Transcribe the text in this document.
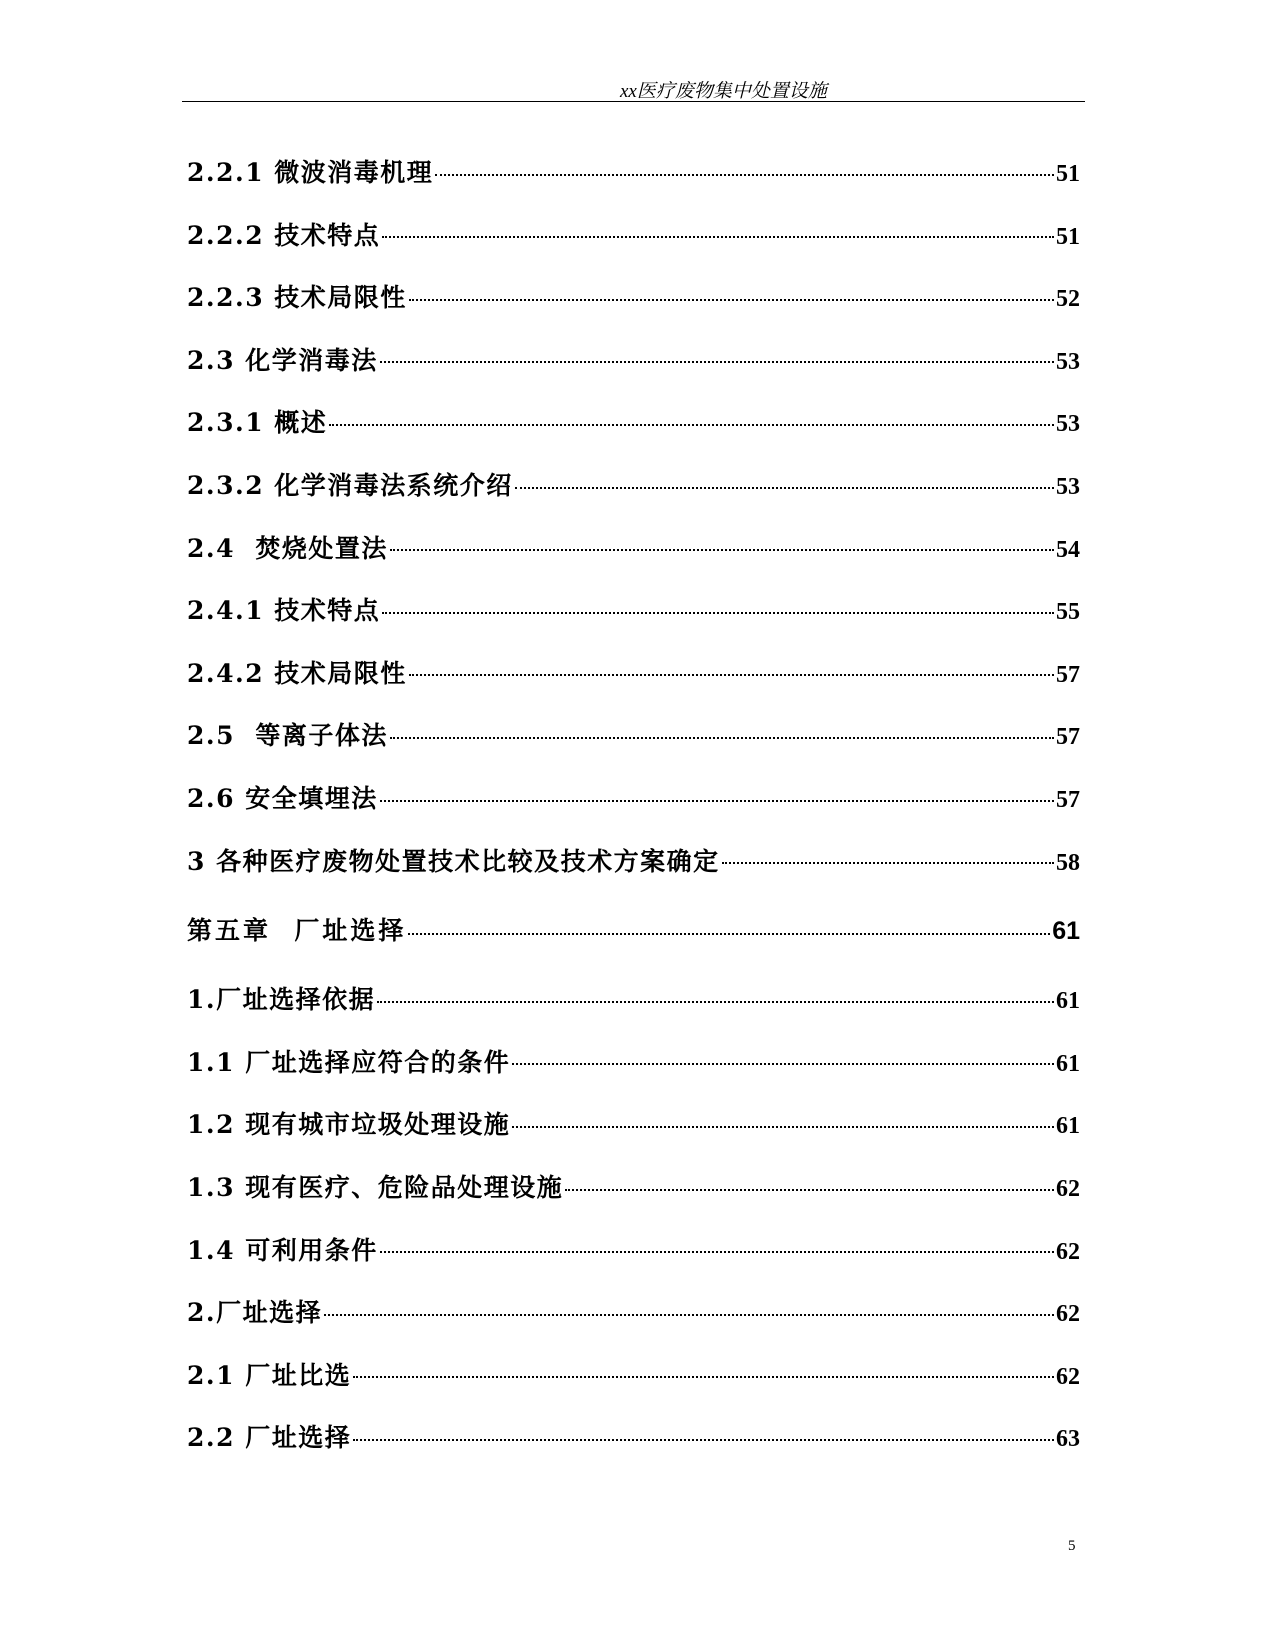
xx医疗废物集中处置设施
2.2.1 微波消毒机理	51
2.2.2 技术特点	51
2.2.3 技术局限性	52
2.3 化学消毒法	53
2.3.1 概述	53
2.3.2 化学消毒法系统介绍	53
2.4  焚烧处置法	54
2.4.1 技术特点	55
2.4.2 技术局限性	57
2.5  等离子体法	57
2.6 安全填埋法	57
3 各种医疗废物处置技术比较及技术方案确定	58
第五章  厂址选择	61
1.厂址选择依据	61
1.1 厂址选择应符合的条件	61
1.2 现有城市垃圾处理设施	61
1.3 现有医疗、危险品处理设施	62
1.4 可利用条件	62
2.厂址选择	62
2.1 厂址比选	62
2.2 厂址选择	63
5
